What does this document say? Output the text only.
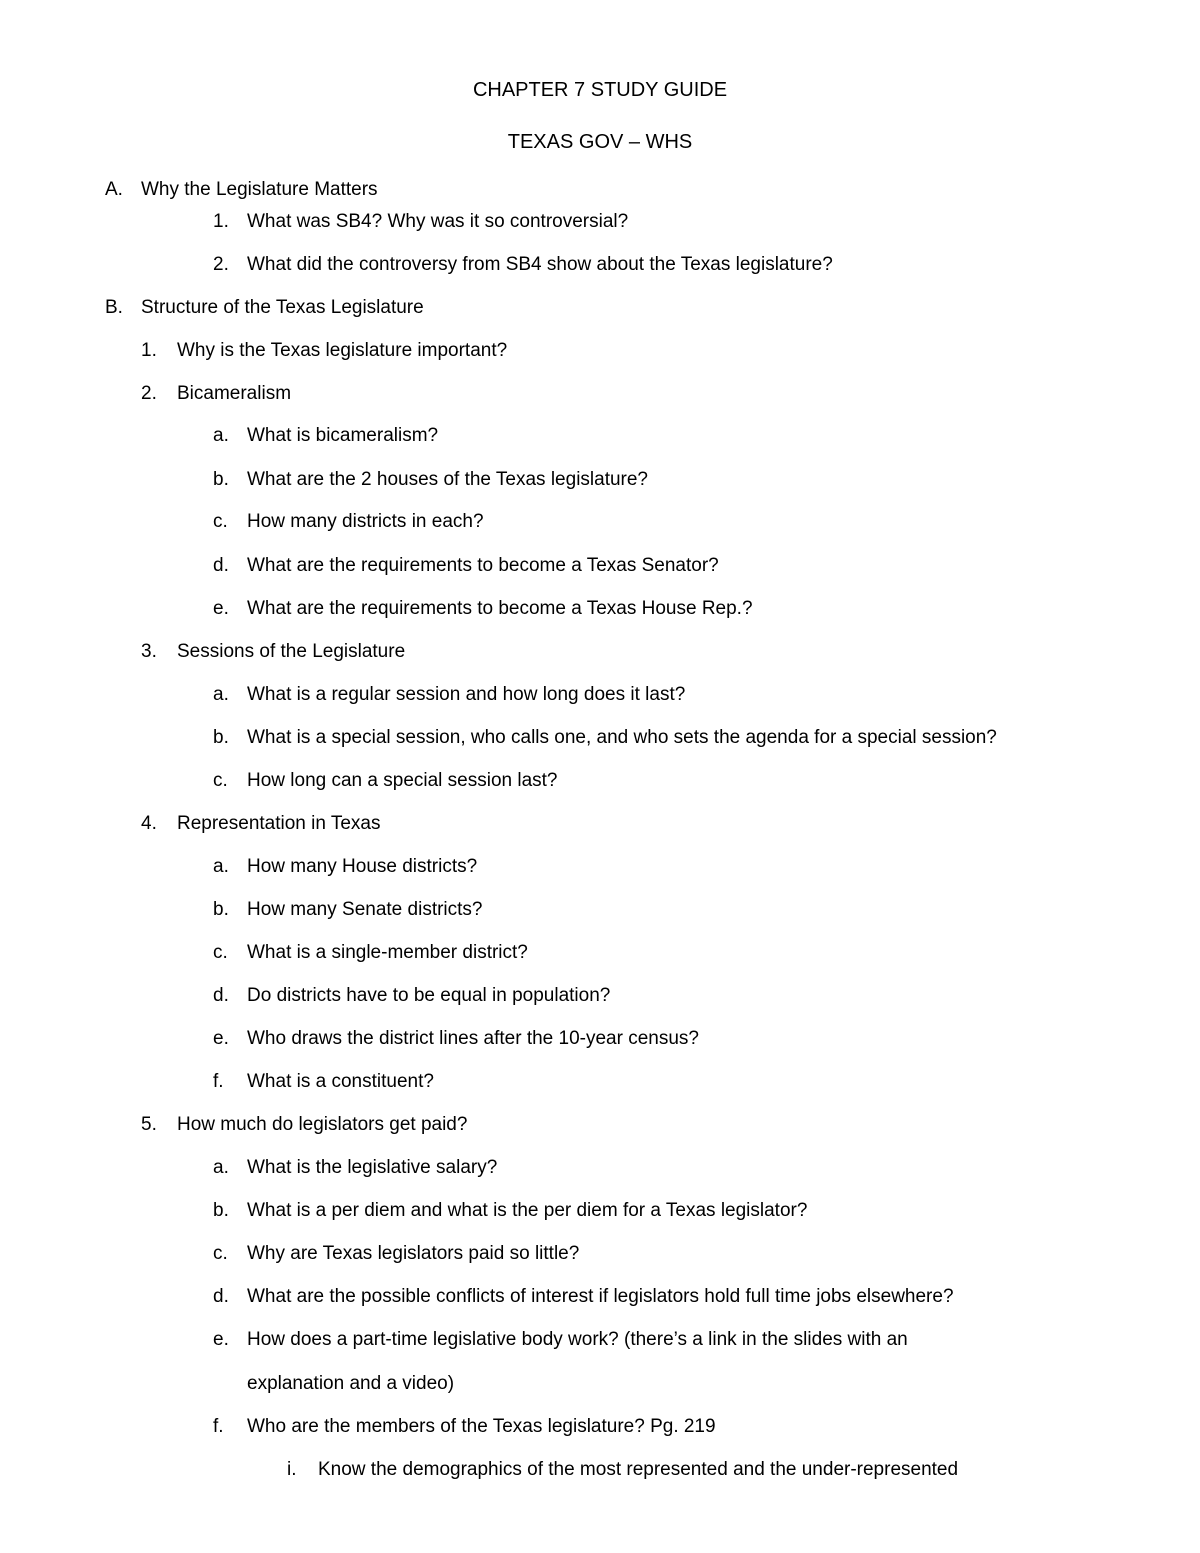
CHAPTER 7 STUDY GUIDE
TEXAS GOV – WHS
A. Why the Legislature Matters
1. What was SB4? Why was it so controversial?
2. What did the controversy from SB4 show about the Texas legislature?
B. Structure of the Texas Legislature
1. Why is the Texas legislature important?
2. Bicameralism
a. What is bicameralism?
b. What are the 2 houses of the Texas legislature?
c. How many districts in each?
d. What are the requirements to become a Texas Senator?
e. What are the requirements to become a Texas House Rep.?
3. Sessions of the Legislature
a. What is a regular session and how long does it last?
b. What is a special session, who calls one, and who sets the agenda for a special session?
c. How long can a special session last?
4. Representation in Texas
a. How many House districts?
b. How many Senate districts?
c. What is a single-member district?
d. Do districts have to be equal in population?
e. Who draws the district lines after the 10-year census?
f. What is a constituent?
5. How much do legislators get paid?
a. What is the legislative salary?
b. What is a per diem and what is the per diem for a Texas legislator?
c. Why are Texas legislators paid so little?
d. What are the possible conflicts of interest if legislators hold full time jobs elsewhere?
e. How does a part-time legislative body work? (there’s a link in the slides with an
explanation and a video)
f. Who are the members of the Texas legislature? Pg. 219
i. Know the demographics of the most represented and the under-represented
